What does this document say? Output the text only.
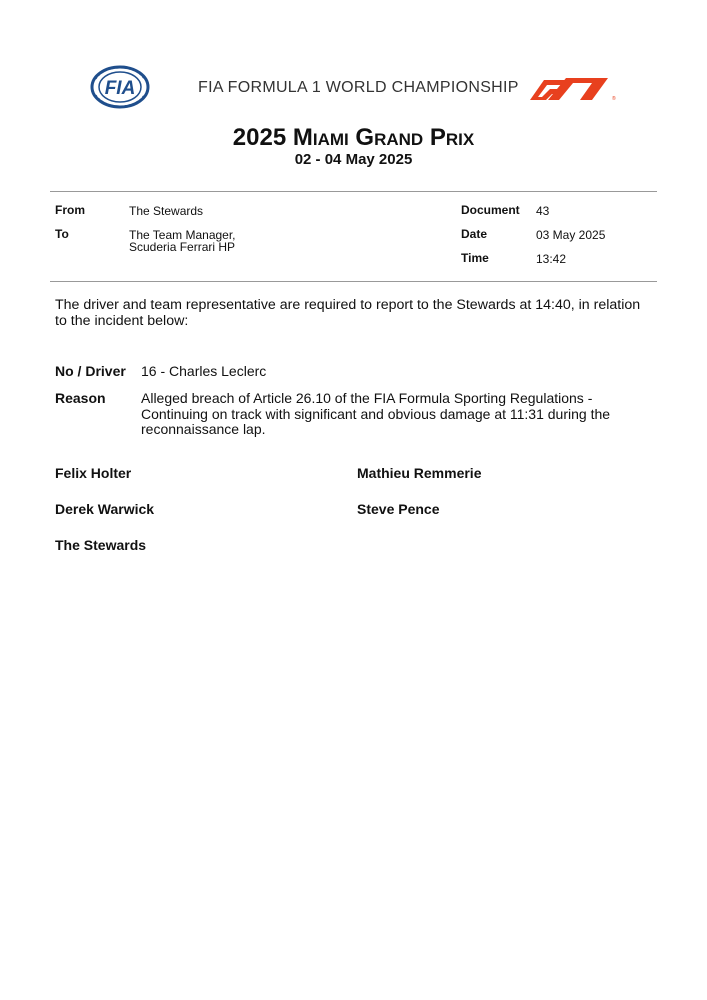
FIA	FIA FORMULA 1 WORLD CHAMPIONSHIP
®
2025 Miami Grand Prix
02 - 04 May 2025
From	The Stewards
To	The Team Manager,
Scuderia Ferrari HP
Document 43
Date	03 May 2025
Time	13:42
The driver and team representative are required to report to the Stewards at 14:40, in relation to the incident below:
No / Driver 16 - Charles Leclerc
Reason	Alleged breach of Article 26.10 of the FIA Formula Sporting Regulations - Continuing on track with significant and obvious damage at 11:31 during the reconnaissance lap.
Felix Holter	Mathieu Remmerie
Derek Warwick	Steve Pence
The Stewards
